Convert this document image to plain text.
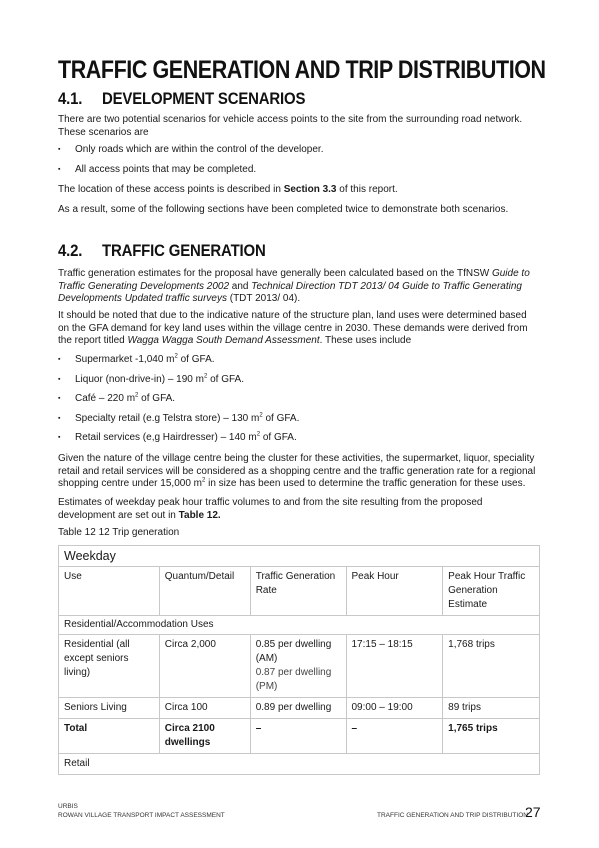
TRAFFIC GENERATION AND TRIP DISTRIBUTION
4.1.	DEVELOPMENT SCENARIOS

There are two potential scenarios for vehicle access points to the site from the surrounding road network. These scenarios are

▪ Only roads which are within the control of the developer.
▪ All access points that may be completed.

The location of these access points is described in Section 3.3 of this report.

As a result, some of the following sections have been completed twice to demonstrate both scenarios.

4.2.	TRAFFIC GENERATION

Traffic generation estimates for the proposal have generally been calculated based on the TfNSW Guide to Traffic Generating Developments 2002 and Technical Direction TDT 2013/ 04 Guide to Traffic Generating Developments Updated traffic surveys (TDT 2013/ 04).

It should be noted that due to the indicative nature of the structure plan, land uses were determined based on the GFA demand for key land uses within the village centre in 2030. These demands were derived from the report titled Wagga Wagga South Demand Assessment. These uses include

▪ Supermarket -1,040 $m^2$ of GFA.
▪ Liquor (non-drive-in) – 190 $m^2$ of GFA.
▪ Café – 220 $m^2$ of GFA.
▪ Specialty retail (e.g Telstra store) – 130 $m^2$ of GFA.
▪ Retail services (e,g Hairdresser) – 140 $m^2$ of GFA.

Given the nature of the village centre being the cluster for these activities, the supermarket, liquor, speciality retail and retail services will be considered as a shopping centre and the traffic generation rate for a regional shopping centre under 15,000 $m^2$ in size has been used to determine the traffic generation for these uses.

Estimates of weekday peak hour traffic volumes to and from the site resulting from the proposed development are set out in Table 12.

Table 12 12 Trip generation

Weekday				
Use	Quantum/Detail	Traffic Generation Rate	Peak Hour	Peak Hour Traffic Generation Estimate
Residential/Accommodation Uses				
Residential (all except seniors living)	Circa 2,000	0.85 per dwelling (AM)
0.87 per dwelling (PM)	17:15 – 18:15	1,768 trips
Seniors Living	Circa 100	0.89 per dwelling	09:00 – 19:00	89 trips
Total	Circa 2100 dwellings	–	–	1,765 trips
Retail				
URBIS
ROWAN VILLAGE TRANSPORT IMPACT ASSESSMENT	TRAFFIC GENERATION AND TRIP DISTRIBUTION
27
